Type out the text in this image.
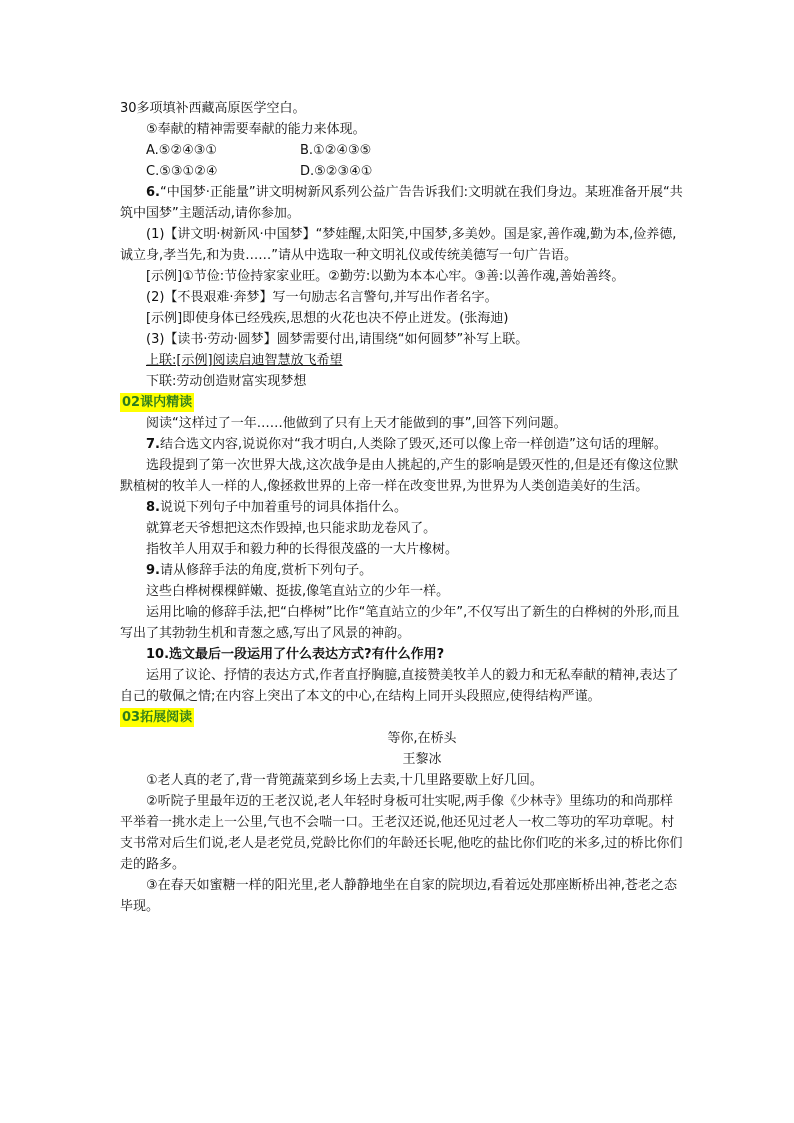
30多项填补西藏高原医学空白。
⑤奉献的精神需要奉献的能力来体现。
A.⑤②④③①	B.①②④③⑤
C.⑤③①②④	D.⑤②③④①

6.“中国梦·正能量”讲文明树新风系列公益广告告诉我们:文明就在我们身边。某班准备开展“共筑中国梦”主题活动,请你参加。

(1)【讲文明·树新风·中国梦】“梦娃醒,太阳笑,中国梦,多美妙。国是家,善作魂,勤为本,俭养德,诚立身,孝当先,和为贵……”请从中选取一种文明礼仪或传统美德写一句广告语。

[示例]①节俭:节俭持家家业旺。②勤劳:以勤为本本心牢。③善:以善作魂,善始善终。

(2)【不畏艰难·奔梦】写一句励志名言警句,并写出作者名字。
[示例]即使身体已经残疾,思想的火花也决不停止迸发。(张海迪)
(3)【读书·劳动·圆梦】圆梦需要付出,请围绕“如何圆梦”补写上联。
上联:[示例]阅读启迪智慧放飞希望
下联:劳动创造财富实现梦想
02课内精读
阅读“这样过了一年……他做到了只有上天才能做到的事”,回答下列问题。

7.结合选文内容,说说你对“我才明白,人类除了毁灭,还可以像上帝一样创造”这句话的理解。

选段提到了第一次世界大战,这次战争是由人挑起的,产生的影响是毁灭性的,但是还有像这位默默植树的牧羊人一样的人,像拯救世界的上帝一样在改变世界,为世界为人类创造美好的生活。

8.说说下列句子中加着重号的词具体指什么。

就算老天爷想把这杰作毁掉,也只能求助龙卷风了。
指牧羊人用双手和毅力种的长得很茂盛的一大片橡树。

9.请从修辞手法的角度,赏析下列句子。

这些白桦树棵棵鲜嫩、挺拔,像笔直站立的少年一样。

运用比喻的修辞手法,把“白桦树”比作“笔直站立的少年”,不仅写出了新生的白桦树的外形,而且写出了其勃勃生机和青葱之感,写出了风景的神韵。

10.选文最后一段运用了什么表达方式?有什么作用?

运用了议论、抒情的表达方式,作者直抒胸臆,直接赞美牧羊人的毅力和无私奉献的精神,表达了自己的敬佩之情;在内容上突出了本文的中心,在结构上同开头段照应,使得结构严谨。

03拓展阅读
等你,在桥头
王黎冰

①老人真的老了,背一背篼蔬菜到乡场上去卖,十几里路要歇上好几回。

②听院子里最年迈的王老汉说,老人年轻时身板可壮实呢,两手像《少林寺》里练功的和尚那样平举着一挑水走上一公里,气也不会喘一口。王老汉还说,他还见过老人一枚二等功的军功章呢。村支书常对后生们说,老人是老党员,党龄比你们的年龄还长呢,他吃的盐比你们吃的米多,过的桥比你们走的路多。

③在春天如蜜糖一样的阳光里,老人静静地坐在自家的院坝边,看着远处那座断桥出神,苍老之态毕现。
